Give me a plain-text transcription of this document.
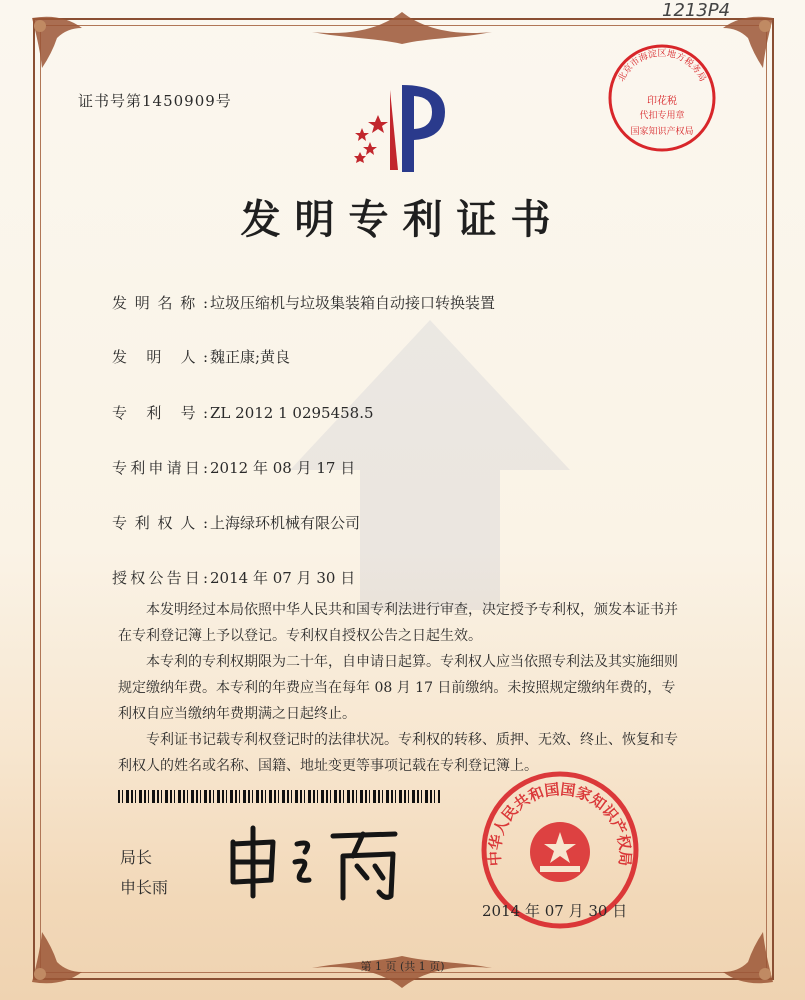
1213P4
证书号第1450909号
北京市海淀区地方税务局
印花税
代扣专用章
国家知识产权局
发明专利证书
发明名称: 垃圾压缩机与垃圾集装箱自动接口转换装置
发 明 人: 魏正康;黄良
专 利 号: ZL 2012 1 0295458.5
专利申请日: 2012 年 08 月 17 日
专利权人: 上海绿环机械有限公司
授权公告日: 2014 年 07 月 30 日

本发明经过本局依照中华人民共和国专利法进行审查，决定授予专利权，颁发本证书并在专利登记簿上予以登记。专利权自授权公告之日起生效。

本专利的专利权期限为二十年，自申请日起算。专利权人应当依照专利法及其实施细则规定缴纳年费。本专利的年费应当在每年 08 月 17 日前缴纳。未按照规定缴纳年费的，专利权自应当缴纳年费期满之日起终止。

专利证书记载专利权登记时的法律状况。专利权的转移、质押、无效、终止、恢复和专利权人的姓名或名称、国籍、地址变更等事项记载在专利登记簿上。

局长
申长雨
中华人民共和国国家知识产权局
2014 年 07 月 30 日
第 1 页 (共 1 页)
